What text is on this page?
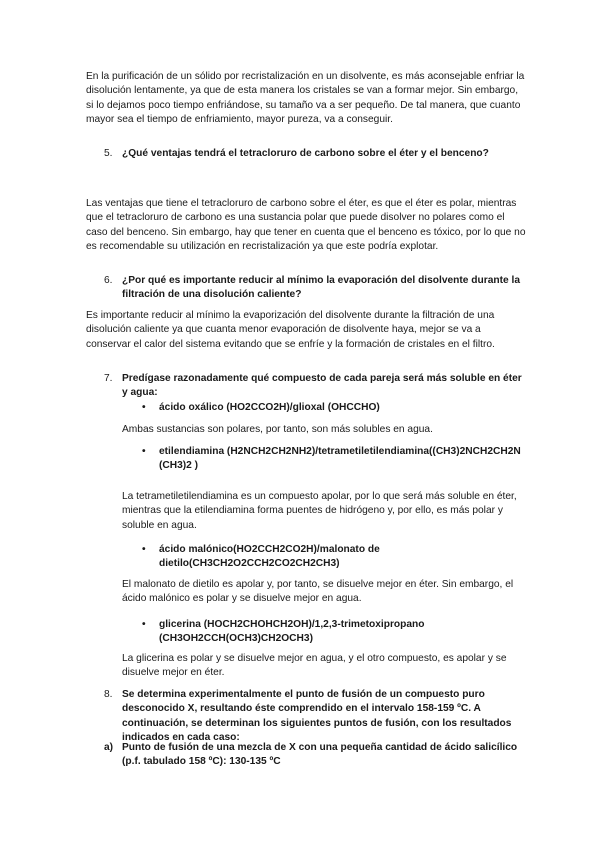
En la purificación de un sólido por recristalización en un disolvente, es más aconsejable enfriar la disolución lentamente, ya que de esta manera los cristales se van a formar mejor. Sin embargo, si lo dejamos poco tiempo enfriándose, su tamaño va a ser pequeño. De tal manera, que cuanto mayor sea el tiempo de enfriamiento, mayor pureza, va a conseguir.

5. ¿Qué ventajas tendrá el tetracloruro de carbono sobre el éter y el benceno?

Las ventajas que tiene el tetracloruro de carbono sobre el éter, es que el éter es polar, mientras que el tetracloruro de carbono es una sustancia polar que puede disolver no polares como el caso del benceno. Sin embargo, hay que tener en cuenta que el benceno es tóxico, por lo que no es recomendable su utilización en recristalización ya que este podría explotar.

6. ¿Por qué es importante reducir al mínimo la evaporación del disolvente durante la filtración de una disolución caliente?

Es importante reducir al mínimo la evaporización del disolvente durante la filtración de una disolución caliente ya que cuanta menor evaporación de disolvente haya, mejor se va a conservar el calor del sistema evitando que se enfríe y la formación de cristales en el filtro.

7. Predígase razonadamente qué compuesto de cada pareja será más soluble en éter y agua:
• ácido oxálico (HO2CCO2H)/glioxal (OHCCHO)

Ambas sustancias son polares, por tanto, son más solubles en agua.

• etilendiamina (H2NCH2CH2NH2)/tetrametiletilendiamina((CH3)2NCH2CH2N(CH3)2 )

La tetrametiletilendiamina es un compuesto apolar, por lo que será más soluble en éter, mientras que la etilendiamina forma puentes de hidrógeno y, por ello, es más polar y soluble en agua.

• ácido malónico(HO2CCH2CO2H)/malonato de dietilo(CH3CH2O2CCH2CO2CH2CH3)

El malonato de dietilo es apolar y, por tanto, se disuelve mejor en éter. Sin embargo, el ácido malónico es polar y se disuelve mejor en agua.

• glicerina (HOCH2CHOHCH2OH)/1,2,3-trimetoxipropano (CH3OH2CCH(OCH3)CH2OCH3)

La glicerina es polar y se disuelve mejor en agua, y el otro compuesto, es apolar y se disuelve mejor en éter.

8. Se determina experimentalmente el punto de fusión de un compuesto puro desconocido X, resultando éste comprendido en el intervalo 158-159 ºC. A continuación, se determinan los siguientes puntos de fusión, con los resultados indicados en cada caso:
a) Punto de fusión de una mezcla de X con una pequeña cantidad de ácido salicílico (p.f. tabulado 158 ºC): 130-135 ºC
